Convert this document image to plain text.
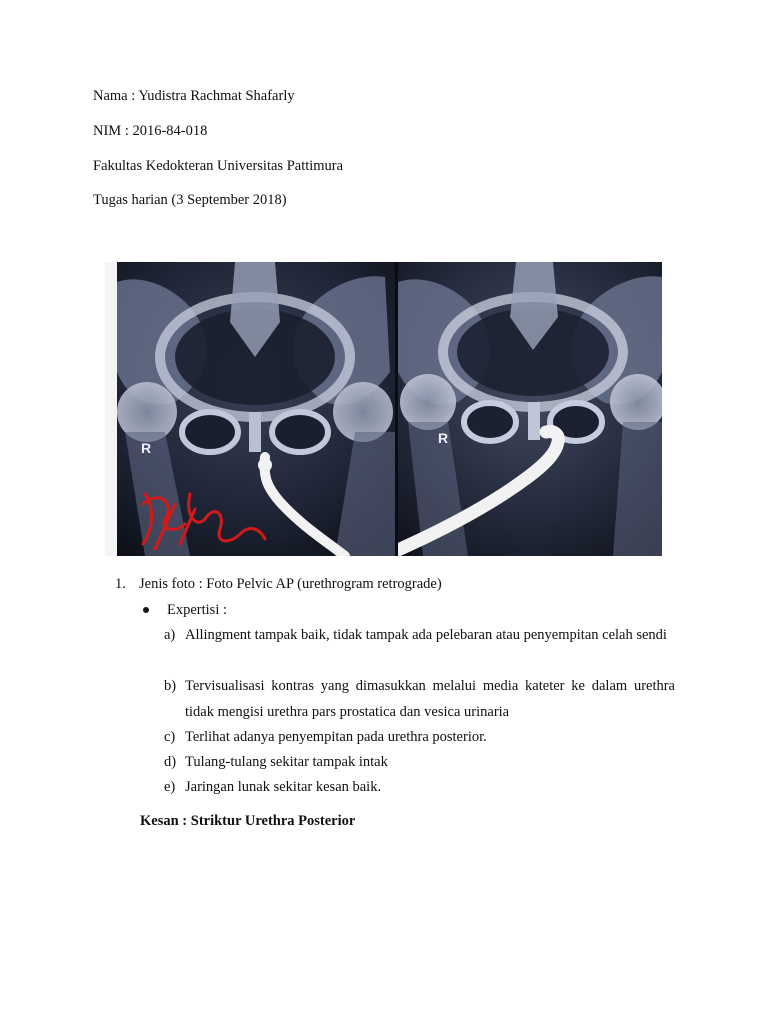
Nama : Yudistra Rachmat Shafarly

NIM : 2016-84-018

Fakultas Kedokteran Universitas Pattimura

Tugas harian (3 September 2018)

R
R
1. Jenis foto : Foto Pelvic AP (urethrogram retrograde)
Expertisi :
a) Allingment tampak baik, tidak tampak ada pelebaran atau penyempitan celah sendi
b) Tervisualisasi kontras yang dimasukkan melalui media kateter ke dalam urethra tidak mengisi urethra pars prostatica dan vesica urinaria
c) Terlihat adanya penyempitan pada urethra posterior.
d) Tulang-tulang sekitar tampak intak
e) Jaringan lunak sekitar kesan baik.
Kesan : Striktur Urethra Posterior
